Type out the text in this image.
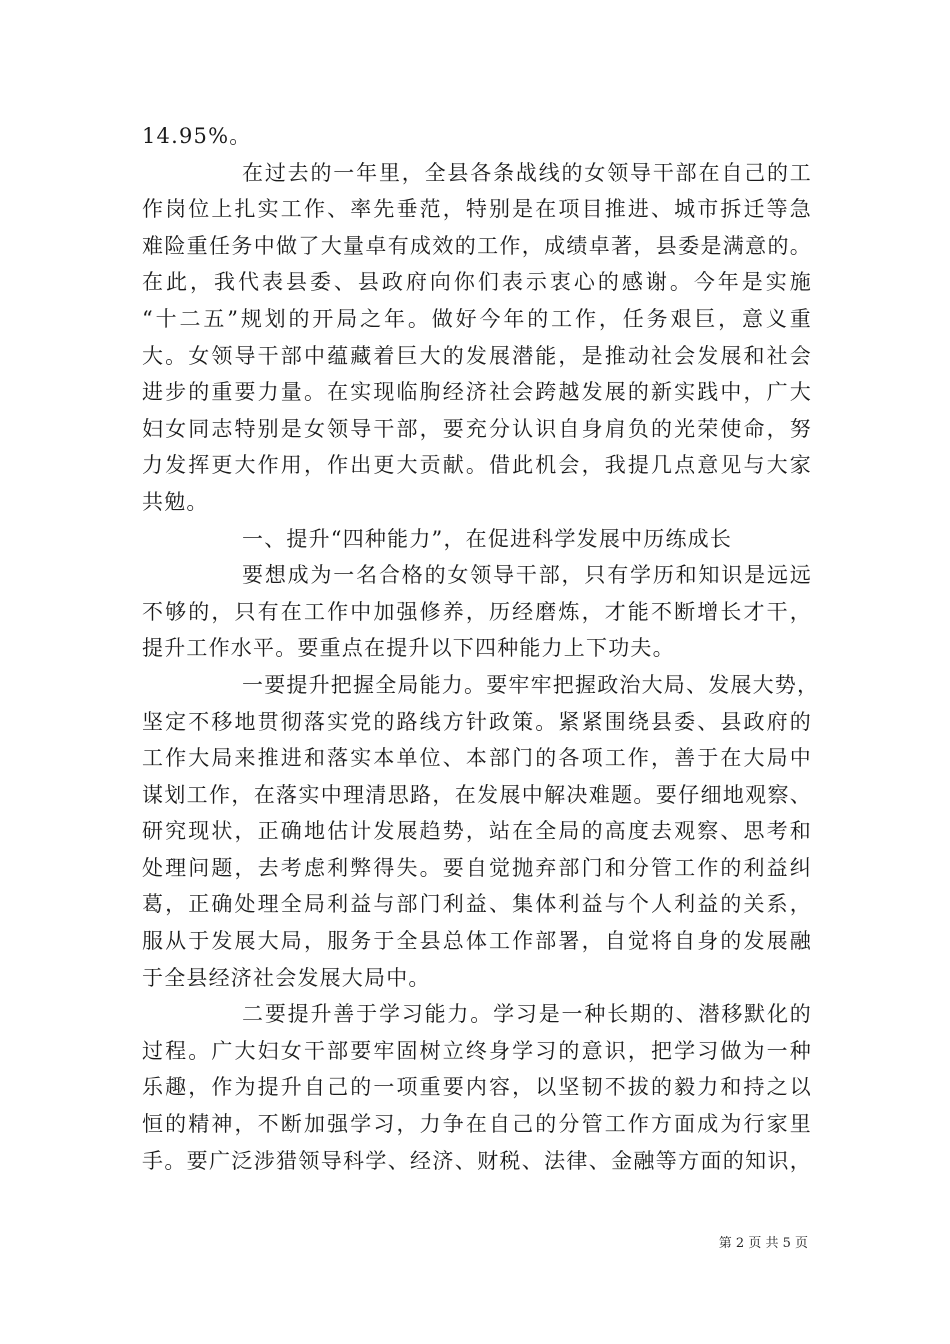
14.95%。
在过去的一年里，全县各条战线的女领导干部在自己的工
作岗位上扎实工作、率先垂范，特别是在项目推进、城市拆迁等急
难险重任务中做了大量卓有成效的工作，成绩卓著，县委是满意的。
在此，我代表县委、县政府向你们表示衷心的感谢。今年是实施
“十二五”规划的开局之年。做好今年的工作，任务艰巨，意义重
大。女领导干部中蕴藏着巨大的发展潜能，是推动社会发展和社会
进步的重要力量。在实现临朐经济社会跨越发展的新实践中，广大
妇女同志特别是女领导干部，要充分认识自身肩负的光荣使命，努
力发挥更大作用，作出更大贡献。借此机会，我提几点意见与大家
共勉。
一、提升“四种能力”，在促进科学发展中历练成长
要想成为一名合格的女领导干部，只有学历和知识是远远
不够的，只有在工作中加强修养，历经磨炼，才能不断增长才干，
提升工作水平。要重点在提升以下四种能力上下功夫。
一要提升把握全局能力。要牢牢把握政治大局、发展大势，
坚定不移地贯彻落实党的路线方针政策。紧紧围绕县委、县政府的
工作大局来推进和落实本单位、本部门的各项工作，善于在大局中
谋划工作，在落实中理清思路，在发展中解决难题。要仔细地观察、
研究现状，正确地估计发展趋势，站在全局的高度去观察、思考和
处理问题，去考虑利弊得失。要自觉抛弃部门和分管工作的利益纠
葛，正确处理全局利益与部门利益、集体利益与个人利益的关系，
服从于发展大局，服务于全县总体工作部署，自觉将自身的发展融
于全县经济社会发展大局中。
二要提升善于学习能力。学习是一种长期的、潜移默化的
过程。广大妇女干部要牢固树立终身学习的意识，把学习做为一种
乐趣，作为提升自己的一项重要内容，以坚韧不拔的毅力和持之以
恒的精神，不断加强学习，力争在自己的分管工作方面成为行家里
手。要广泛涉猎领导科学、经济、财税、法律、金融等方面的知识，
第 2 页 共 5 页
